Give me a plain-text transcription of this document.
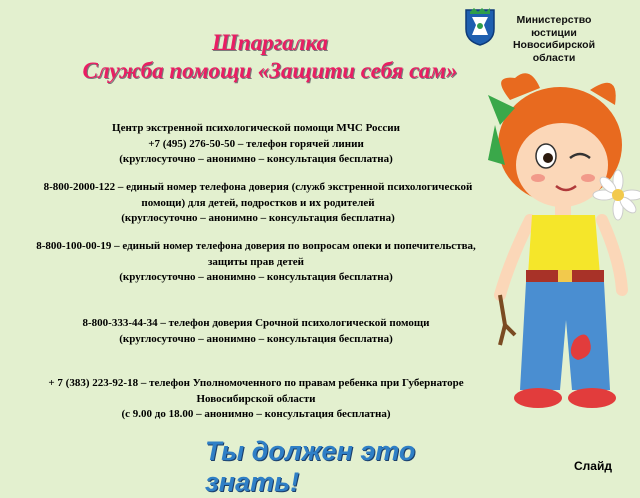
Министерство
юстиции
Новосибирской
области
Шпаргалка
Служба помощи «Защити себя сам»
Центр экстренной психологической помощи МЧС России
+7 (495) 276-50-50 – телефон горячей линии
(круглосуточно – анонимно – консультация бесплатна)
8-800-2000-122 – единый номер телефона доверия (служб экстренной психологической
помощи) для детей, подростков и их родителей
(круглосуточно – анонимно – консультация бесплатна)
8-800-100-00-19 – единый номер телефона доверия по вопросам опеки и попечительства,
защиты прав детей
(круглосуточно – анонимно – консультация бесплатна)
8-800-333-44-34 – телефон доверия Срочной психологической помощи
(круглосуточно – анонимно – консультация бесплатна)
+ 7 (383) 223-92-18 – телефон Уполномоченного по правам ребенка при Губернаторе
Новосибирской области
(с 9.00 до 18.00 – анонимно – консультация бесплатна)
Ты должен это знать!
Слайд
